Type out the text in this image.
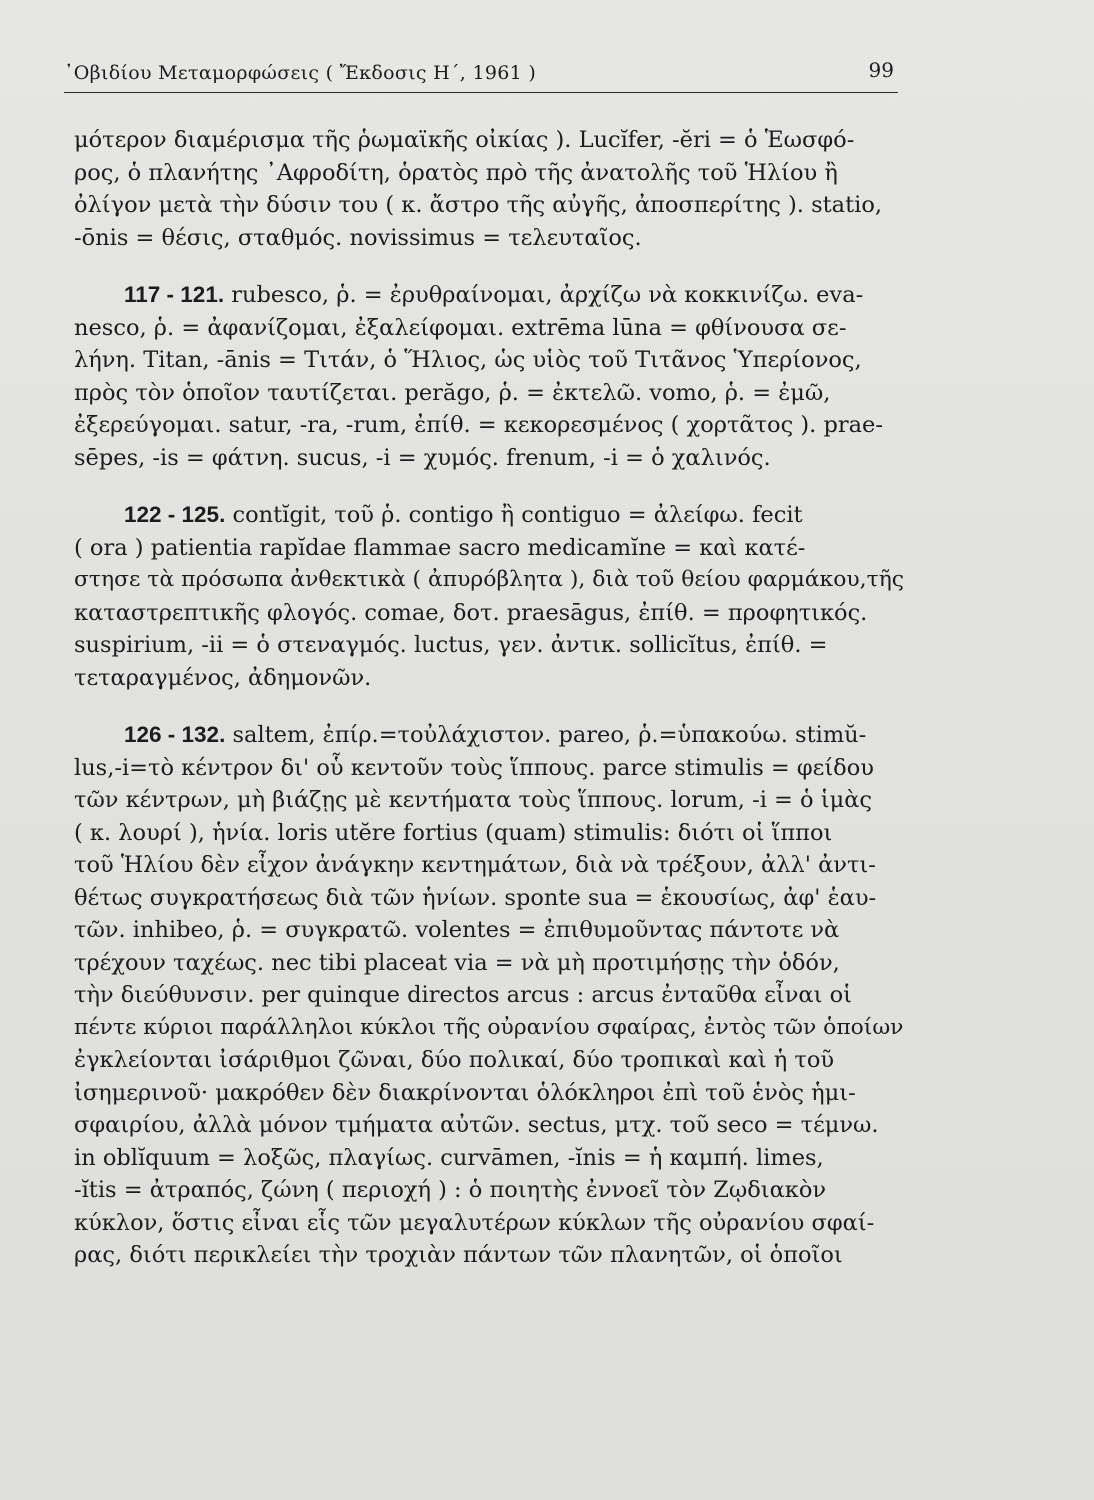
᾿Οβιδίου Μεταμορφώσεις ( Ἔκδοσις Η΄, 1961 )	99
μότερον διαμέρισμα τῆς ῥωμαϊκῆς οἰκίας ). Lucĭfer, -ĕri = ὁ Ἑωσφό-
ρος, ὁ πλανήτης ᾿Αφροδίτη, ὁρατὸς πρὸ τῆς ἀνατολῆς τοῦ Ἡλίου ἢ
ὀλίγον μετὰ τὴν δύσιν του ( κ. ἄστρο τῆς αὐγῆς, ἀποσπερίτης ). statio,
-ōnis = θέσις, σταθμός. novissimus = τελευταῖος.
117 - 121. rubesco, ῥ. = ἐρυθραίνομαι, ἀρχίζω νὰ κοκκινίζω. eva-
nesco, ῥ. = ἀφανίζομαι, ἐξαλείφομαι. extrēma lūna = φθίνουσα σε-
λήνη. Titan, -ānis = Τιτάν, ὁ Ἥλιος, ὡς υἱὸς τοῦ Τιτᾶνος Ὑπερίονος,
πρὸς τὸν ὁποῖον ταυτίζεται. perăgo, ῥ. = ἐκτελῶ. vomo, ῥ. = ἐμῶ,
ἐξερεύγομαι. satur, -ra, -rum, ἐπίθ. = κεκορεσμένος ( χορτᾶτος ). prae-
sēpes, -is = φάτνη. sucus, -i = χυμός. frenum, -i = ὁ χαλινός.
122 - 125. contĭgit, τοῦ ῥ. contigo ἢ contiguo = ἀλείφω. fecit
( ora ) patientia rapĭdae flammae sacro medicamĭne = καὶ κατέ-
στησε τὰ πρόσωπα ἀνθεκτικὰ ( ἀπυρόβλητα ), διὰ τοῦ θείου φαρμάκου,τῆς
καταστρεπτικῆς φλογός. comae, δοτ. praesāgus, ἐπίθ. = προφητικός.
suspirium, -ii = ὁ στεναγμός. luctus, γεν. ἀντικ. sollicĭtus, ἐπίθ. =
τεταραγμένος, ἀδημονῶν.
126 - 132. saltem, ἐπίρ.=τοὐλάχιστον. pareo, ῥ.=ὑπακούω. stimŭ-
lus,-i=τὸ κέντρον δι' οὗ κεντοῦν τοὺς ἵππους. parce stimulis = φείδου
τῶν κέντρων, μὴ βιάζῃς μὲ κεντήματα τοὺς ἵππους. lorum, -i = ὁ ἱμὰς
( κ. λουρί ), ἡνία. loris utĕre fortius (quam) stimulis: διότι οἱ ἵπποι
τοῦ Ἡλίου δὲν εἶχον ἀνάγκην κεντημάτων, διὰ νὰ τρέξουν, ἀλλ' ἀντι-
θέτως συγκρατήσεως διὰ τῶν ἡνίων. sponte sua = ἑκουσίως, ἀφ' ἑαυ-
τῶν. inhibeo, ῥ. = συγκρατῶ. volentes = ἐπιθυμοῦντας πάντοτε νὰ
τρέχουν ταχέως. nec tibi placeat via = νὰ μὴ προτιμήσῃς τὴν ὁδόν,
τὴν διεύθυνσιν. per quinque directos arcus : arcus ἐνταῦθα εἶναι οἱ
πέντε κύριοι παράλληλοι κύκλοι τῆς οὐρανίου σφαίρας, ἐντὸς τῶν ὁποίων
ἐγκλείονται ἰσάριθμοι ζῶναι, δύο πολικαί, δύο τροπικαὶ καὶ ἡ τοῦ
ἰσημερινοῦ· μακρόθεν δὲν διακρίνονται ὁλόκληροι ἐπὶ τοῦ ἑνὸς ἡμι-
σφαιρίου, ἀλλὰ μόνον τμήματα αὐτῶν. sectus, μτχ. τοῦ seco = τέμνω.
in oblĭquum = λοξῶς, πλαγίως. curvāmen, -ĭnis = ἡ καμπή. limes,
-ĭtis = ἀτραπός, ζώνη ( περιοχή ) : ὁ ποιητὴς ἐννοεῖ τὸν Ζῳδιακὸν
κύκλον, ὅστις εἶναι εἷς τῶν μεγαλυτέρων κύκλων τῆς οὐρανίου σφαί-
ρας, διότι περικλείει τὴν τροχιὰν πάντων τῶν πλανητῶν, οἱ ὁποῖοι
